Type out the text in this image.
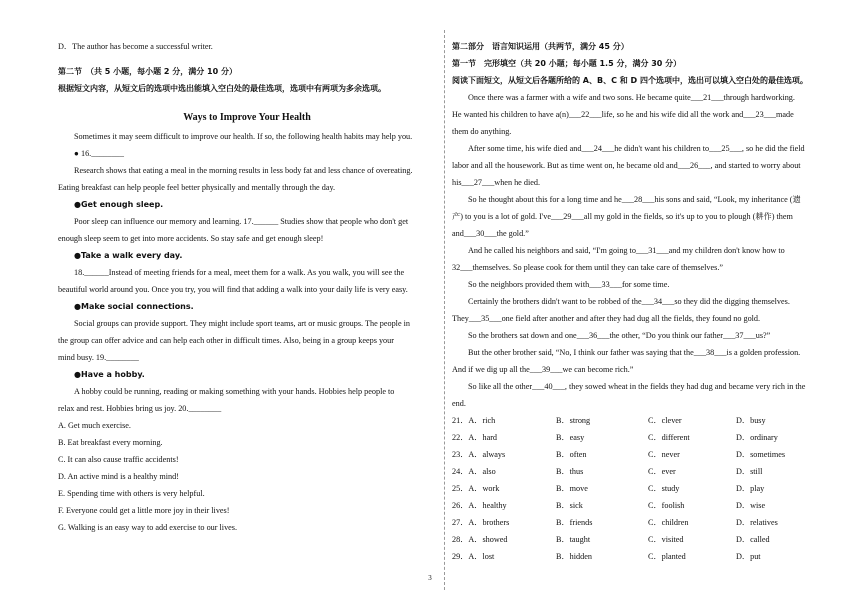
D．The author has become a successful writer.
第二节　（共 5 小题，每小题 2 分，满分 10 分）
根据短文内容，从短文后的选项中选出能填入空白处的最佳选项，选项中有两项为多余选项。
Ways to Improve Your Health
Sometimes it may seem difficult to improve our health. If so, the following health habits may help you.
● 16.________
Research shows that eating a meal in the morning results in less body fat and less chance of overeating.
Eating breakfast can help people feel better physically and mentally through the day.
●Get enough sleep.
Poor sleep can influence our memory and learning. 17.______ Studies show that people who don't get
enough sleep seem to get into more accidents. So stay safe and get enough sleep!
●Take a walk every day.
18.______Instead of meeting friends for a meal, meet them for a walk. As you walk, you will see the
beautiful world around you. Once you try, you will find that adding a walk into your daily life is very easy.
●Make social connections.
Social groups can provide support. They might include sport teams, art or music groups. The people in
the group can offer advice and can help each other in difficult times. Also, being in a group keeps your
mind busy. 19.________
●Have a hobby.
A hobby could be running, reading or making something with your hands. Hobbies help people to
relax and rest. Hobbies bring us joy. 20.________
A. Get much exercise.
B. Eat breakfast every morning.
C. It can also cause traffic accidents!
D. An active mind is a healthy mind!
E. Spending time with others is very helpful.
F. Everyone could get a little more joy in their lives!
G. Walking is an easy way to add exercise to our lives.
第二部分　语言知识运用（共两节，满分 45 分）
第一节　完形填空（共 20 小题；每小题 1.5 分，满分 30 分）
阅读下面短文，从短文后各题所给的 A、B、C 和 D 四个选项中，选出可以填入空白处的最佳选项。
Once there was a farmer with a wife and two sons. He became quite___21___through hardworking.
He wanted his children to have a(n)___22___life, so he and his wife did all the work and___23___made
them do anything.
After some time, his wife died and___24___he didn't want his children to___25___, so he did the field
labor and all the housework. But as time went on, he became old and___26___, and started to worry about
his___27___when he died.
So he thought about this for a long time and he___28___his sons and said, “Look, my inheritance (遗
产) to you is a lot of gold. I've___29___all my gold in the fields, so it's up to you to plough (耕作) them
and___30___the gold.”
And he called his neighbors and said, “I'm going to___31___and my children don't know how to
32___themselves. So please cook for them until they can take care of themselves.”
So the neighbors provided them with___33___for some time.
Certainly the brothers didn't want to be robbed of the___34___so they did the digging themselves.
They___35___one field after another and after they had dug all the fields, they found no gold.
So the brothers sat down and one___36___the other, “Do you think our father___37___us?”
But the other brother said, “No, I think our father was saying that the___38___is a golden profession.
And if we dig up all the___39___we can become rich.”
So like all the other___40___, they sowed wheat in the fields they had dug and became very rich in the
end.
21．A．rich	B．strong	C．clever	D．busy
22．A．hard	B．easy	C．different	D．ordinary
23．A．always	B．often	C．never	D．sometimes
24．A．also	B．thus	C．ever	D．still
25．A．work	B．move	C．study	D．play
26．A．healthy	B．sick	C．foolish	D．wise
27．A．brothers	B．friends	C．children	D．relatives
28．A．showed	B．taught	C．visited	D．called
29．A．lost	B．hidden	C．planted	D．put
3
